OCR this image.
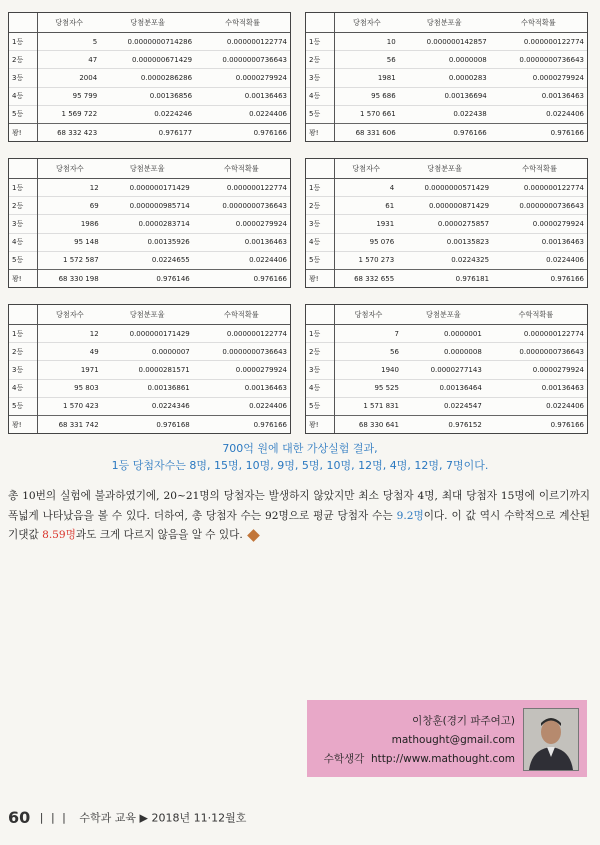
	당첨자수	당첨분포율	수학적확률
1등	5	0.0000000714286	0.000000122774
2등	47	0.000000671429	0.0000000736643
3등	2004	0.0000286286	0.0000279924
4등	95 799	0.00136856	0.00136463
5등	1 569 722	0.0224246	0.0224406
꽝!	68 332 423	0.976177	0.976166
	당첨자수	당첨분포율	수학적확률
1등	10	0.000000142857	0.000000122774
2등	56	0.0000008	0.0000000736643
3등	1981	0.0000283	0.0000279924
4등	95 686	0.00136694	0.00136463
5등	1 570 661	0.022438	0.0224406
꽝!	68 331 606	0.976166	0.976166
	당첨자수	당첨분포율	수학적확률
1등	12	0.000000171429	0.000000122774
2등	69	0.000000985714	0.0000000736643
3등	1986	0.0000283714	0.0000279924
4등	95 148	0.00135926	0.00136463
5등	1 572 587	0.0224655	0.0224406
꽝!	68 330 198	0.976146	0.976166
	당첨자수	당첨분포율	수학적확률
1등	4	0.0000000571429	0.000000122774
2등	61	0.000000871429	0.0000000736643
3등	1931	0.0000275857	0.0000279924
4등	95 076	0.00135823	0.00136463
5등	1 570 273	0.0224325	0.0224406
꽝!	68 332 655	0.976181	0.976166
	당첨자수	당첨분포율	수학적확률
1등	12	0.000000171429	0.000000122774
2등	49	0.0000007	0.0000000736643
3등	1971	0.0000281571	0.0000279924
4등	95 803	0.00136861	0.00136463
5등	1 570 423	0.0224346	0.0224406
꽝!	68 331 742	0.976168	0.976166
	당첨자수	당첨분포율	수학적확률
1등	7	0.0000001	0.000000122774
2등	56	0.0000008	0.0000000736643
3등	1940	0.0000277143	0.0000279924
4등	95 525	0.00136464	0.00136463
5등	1 571 831	0.0224547	0.0224406
꽝!	68 330 641	0.976152	0.976166
700억 원에 대한 가상실험 결과,
1등 당첨자수는 8명, 15명, 10명, 9명, 5명, 10명, 12명, 4명, 12명, 7명이다.
총 10번의 실험에 불과하였기에, 20~21명의 당첨자는 발생하지 않았지만 최소 당첨자 4명, 최대 당첨자 15명에 이르기까지 폭넓게 나타났음을 볼 수 있다. 더하여, 총 당첨자 수는 92명으로 평균 당첨자 수는 9.2명이다. 이 값 역시 수학적으로 계산된 기댓값 8.59명과도 크게 다르지 않음을 알 수 있다.
이창훈(경기 파주여고)
mathought@gmail.com
수학생각 http://www.mathought.com
60 | | | 수학과 교육 ▶ 2018년 11·12월호
